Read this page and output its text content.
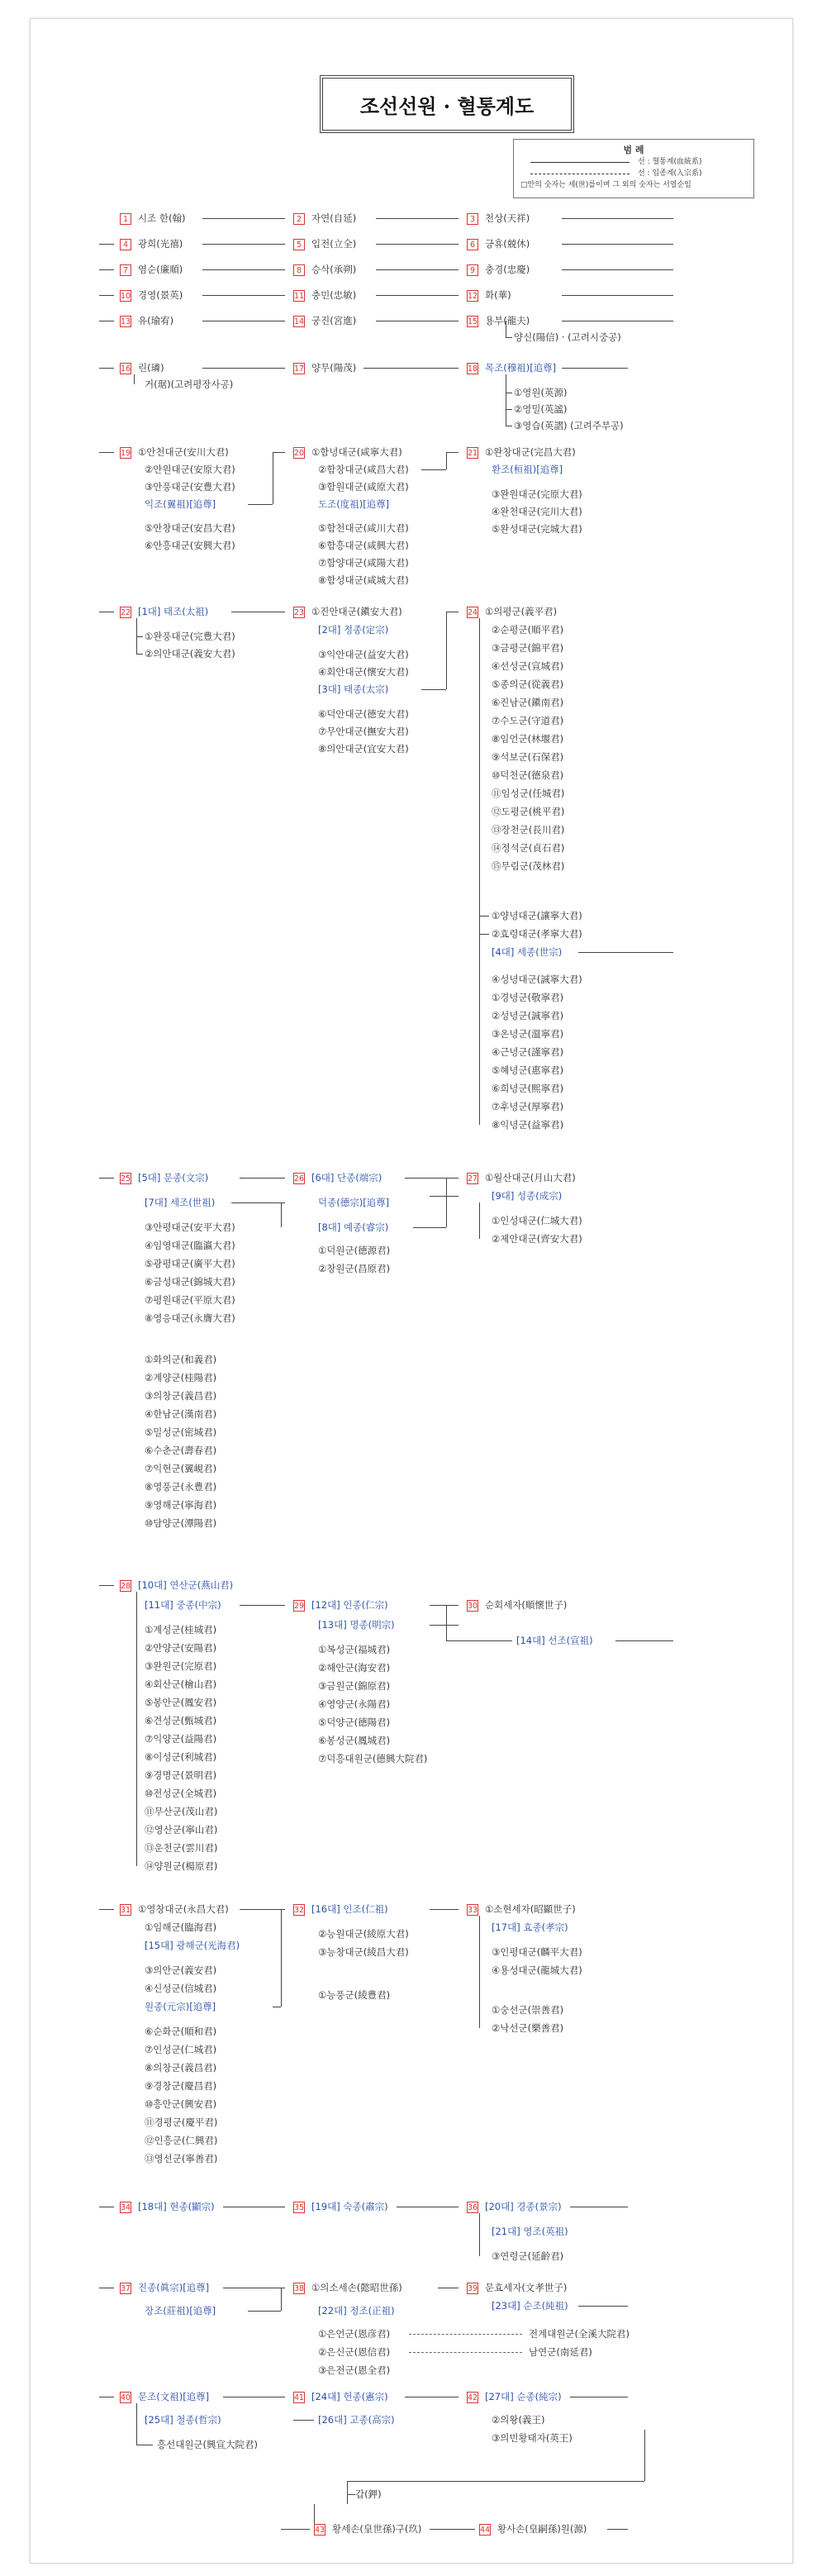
조선선원 · 혈통계도
범 례
선 : 혈통계(血統系)
선 : 입종계(入宗系)
□안의 숫자는 세(世)를이며 그 외의 숫자는 서열순임
1 시조 한(翰)	2 자연(自延)	3 천상(天祥)
4 광희(光禧)	5 입전(立全)	6 긍휴(兢休)
7 염순(廉順)	8 승삭(承朔)	9 충경(忠慶)
10 경영(景英)	11 충민(忠敏)	12 화(華)
13 유(瑜宥)	14 궁진(宮進)	15 용부(龍夫)
양신(陽信) · (고려시중공)
16 린(璘)
거(琚)(고려평장사공)
17 양무(陽茂)	18 목조(穆祖)[追尊]
①영원(英源)
②영밀(英謐)
③영습(英謵) (고려주부공)
19 ①안천대군(安川大君)
②안원대군(安原大君)
③안풍대군(安豊大君)
익조(翼祖)[追尊]
⑤안창대군(安昌大君)
⑥안흥대군(安興大君)
20 ①함녕대군(咸寧大君)
②함창대군(咸昌大君)
③함원대군(咸原大君)
도조(度祖)[追尊]
⑤함천대군(咸川大君)
⑥함흥대군(咸興大君)
⑦함양대군(咸陽大君)
⑧함성대군(咸城大君)
21 ①완창대군(完昌大君)
환조(桓祖)[追尊]
③완원대군(完原大君)
④완천대군(完川大君)
⑤완성대군(完城大君)
22 [1대] 태조(太祖)
①완풍대군(完豊大君)
②의안대군(義安大君)
23 ①진안대군(鎭安大君)
[2대] 정종(定宗)
③익안대군(益安大君)
④회안대군(懷安大君)
[3대] 태종(太宗)
⑥덕안대군(德安大君)
⑦무안대군(撫安大君)
⑧의안대군(宜安大君)
24 ①의평군(義平君)
②순평군(順平君)
③금평군(錦平君)
④선성군(宣城君)
⑤종의군(從義君)
⑥진남군(鎭南君)
⑦수도군(守道君)
⑧임언군(林堰君)
⑨석보군(石保君)
⑩덕천군(德泉君)
⑪임성군(任城君)
⑫도평군(桃平君)
⑬장천군(長川君)
⑭정석군(貞石君)
⑮무림군(茂林君)
①양녕대군(讓寧大君)
②효령대군(孝寧大君)
[4대] 세종(世宗)
④성녕대군(誠寧大君)
①경녕군(敬寧君)
②성녕군(誠寧君)
③온녕군(溫寧君)
④근녕군(謹寧君)
⑤혜녕군(惠寧君)
⑥희녕군(熙寧君)
⑦후녕군(厚寧君)
⑧익녕군(益寧君)
25 [5대] 문종(文宗)
[7대] 세조(世祖)
③안평대군(安平大君)
④임영대군(臨瀛大君)
⑤광평대군(廣平大君)
⑥금성대군(錦城大君)
⑦평원대군(平原大君)
⑧영응대군(永膺大君)
①화의군(和義君)
②계양군(桂陽君)
③의창군(義昌君)
④한남군(漢南君)
⑤밀성군(密城君)
⑥수춘군(壽春君)
⑦익현군(翼峴君)
⑧영풍군(永豊君)
⑨영해군(寧海君)
⑩담양군(潭陽君)
26 [6대] 단종(端宗)
덕종(德宗)[追尊]
[8대] 예종(睿宗)
①덕원군(德源君)
②창원군(昌原君)
27 ①월산대군(月山大君)
[9대] 성종(成宗)
①인성대군(仁城大君)
②제안대군(齊安大君)
28 [10대] 연산군(燕山君)
[11대] 중종(中宗)
①계성군(桂城君)
②안양군(安陽君)
③완원군(完原君)
④회산군(檜山君)
⑤봉안군(鳳安君)
⑥견성군(甄城君)
⑦익양군(益陽君)
⑧이성군(利城君)
⑨경명군(景明君)
⑩전성군(全城君)
⑪무산군(茂山君)
⑫영산군(寧山君)
⑬운천군(雲川君)
⑭양원군(楊原君)
29 [12대] 인종(仁宗)
[13대] 명종(明宗)
①복성군(福城君)
②해안군(海安君)
③금원군(錦原君)
④영양군(永陽君)
⑤덕양군(德陽君)
⑥봉성군(鳳城君)
⑦덕흥대원군(德興大院君)
30 순회세자(順懷世子)
[14대] 선조(宣祖)
31 ①영창대군(永昌大君)
①임해군(臨海君)
[15대] 광해군(光海君)
③의안군(義安君)
④신성군(信城君)
원종(元宗)[追尊]
⑥순화군(順和君)
⑦인성군(仁城君)
⑧의창군(義昌君)
⑨경창군(慶昌君)
⑩흥안군(興安君)
⑪경평군(慶平君)
⑫인흥군(仁興君)
⑬영선군(寧善君)
32 [16대] 인조(仁祖)
②능원대군(綾原大君)
③능창대군(綾昌大君)
①능풍군(綾豊君)
33 ①소현세자(昭顯世子)
[17대] 효종(孝宗)
③인평대군(麟平大君)
④용성대군(龍城大君)
①숭선군(崇善君)
②낙선군(樂善君)
34 [18대] 현종(顯宗)	35 [19대] 숙종(肅宗)	36 [20대] 경종(景宗)
[21대] 영조(英祖)
③연령군(延齡君)
37 진종(眞宗)[追尊]
장조(莊祖)[追尊]
38 ①의소세손(懿昭世孫)
[22대] 정조(正祖)
①은언군(恩彦君)
②은신군(恩信君)
③은전군(恩全君)
39 문효세자(文孝世子)
[23대] 순조(純祖)
전계대원군(全溪大院君)
남연군(南延君)
40 문조(文祖)[追尊]
[25대] 철종(哲宗)
흥선대원군(興宣大院君)
41 [24대] 헌종(憲宗)
[26대] 고종(高宗)
42 [27대] 순종(純宗)
②의왕(義王)
③의민황태자(英王)
갑(鉀)
43 황세손(皇世孫)구(玖)	44 황사손(皇嗣孫)원(源)
